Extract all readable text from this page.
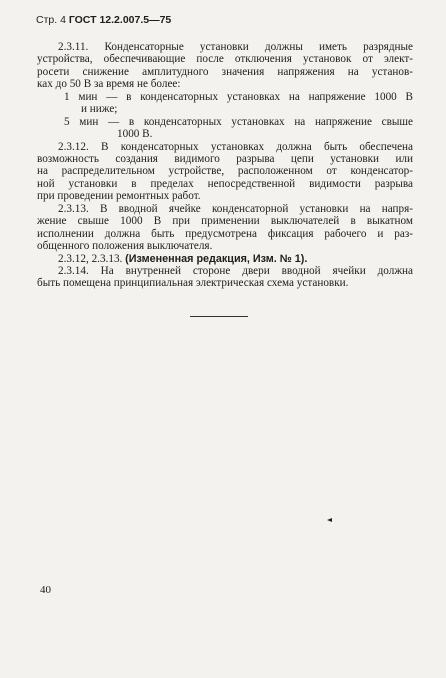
Стр. 4 ГОСТ 12.2.007.5—75
2.3.11. Конденсаторные установки должны иметь разрядные
устройства, обеспечивающие после отключения установок от элект-
росети снижение амплитудного значения напряжения на установ-
ках до 50 В за время не более:
1 мин — в конденсаторных установках на напряжение 1000 В
и ниже;
5 мин — в конденсаторных установках на напряжение свыше
1000 В.
2.3.12. В конденсаторных установках должна быть обеспечена
возможность создания видимого разрыва цепи установки или
на распределительном устройстве, расположенном от конденсатор-
ной установки в пределах непосредственной видимости разрыва
при проведении ремонтных работ.
2.3.13. В вводной ячейке конденсаторной установки на напря-
жение свыше 1000 В при применении выключателей в выкатном
исполнении должна быть предусмотрена фиксация рабочего и раз-
общенного положения выключателя.
2.3.12, 2.3.13. (Измененная редакция, Изм. № 1).
2.3.14. На внутренней стороне двери вводной ячейки должна
быть помещена принципиальная электрическая схема установки.
40
